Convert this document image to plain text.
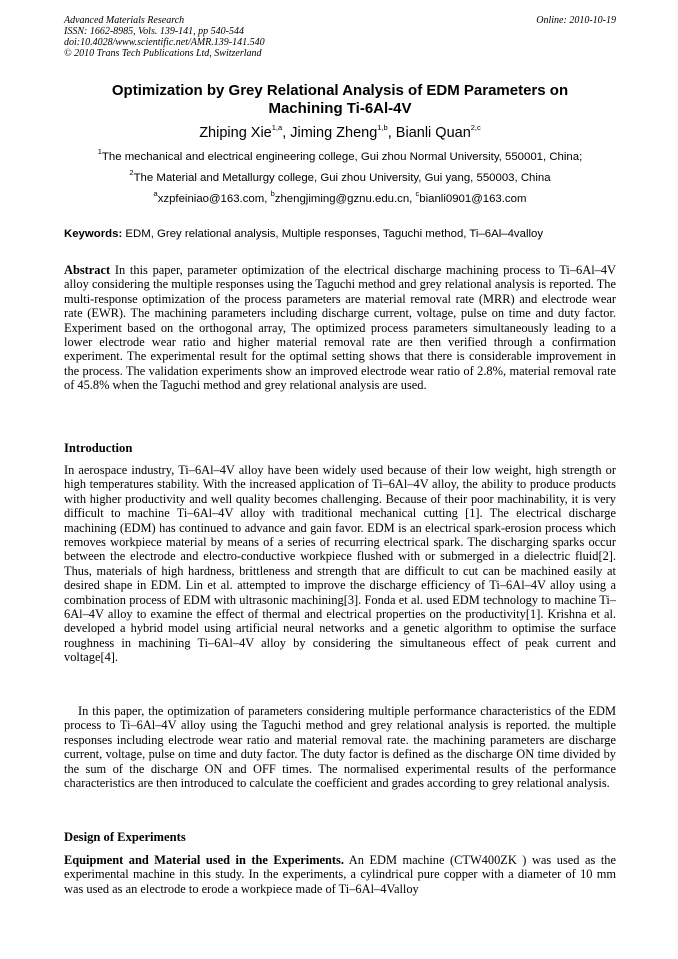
Advanced Materials Research
ISSN: 1662-8985, Vols. 139-141, pp 540-544
doi:10.4028/www.scientific.net/AMR.139-141.540
© 2010 Trans Tech Publications Ltd, Switzerland
Online: 2010-10-19
Optimization by Grey Relational Analysis of EDM Parameters on
Machining Ti-6Al-4V
Zhiping Xie$^{1,a}$, Jiming Zheng$^{1,b}$, Bianli Quan$^{2,c}$
$^1$The mechanical and electrical engineering college, Gui zhou Normal University, 550001, China;
$^2$The Material and Metallurgy college, Gui zhou University, Gui yang, 550003, China
$^a$xzpfeiniao@163.com, $^b$zhengjiming@gznu.edu.cn, $^c$bianli0901@163.com
Keywords: EDM, Grey relational analysis, Multiple responses, Taguchi method, Ti–6Al–4valloy
Abstract In this paper, parameter optimization of the electrical discharge machining process to Ti–6Al–4V alloy considering the multiple responses using the Taguchi method and grey relational analysis is reported. The multi-response optimization of the process parameters are material removal rate (MRR) and electrode wear rate (EWR). The machining parameters including discharge current, voltage, pulse on time and duty factor. Experiment based on the orthogonal array, The optimized process parameters simultaneously leading to a lower electrode wear ratio and higher material removal rate are then verified through a confirmation experiment. The experimental result for the optimal setting shows that there is considerable improvement in the process. The validation experiments show an improved electrode wear ratio of 2.8%, material removal rate of 45.8% when the Taguchi method and grey relational analysis are used.
Introduction
In aerospace industry, Ti–6Al–4V alloy have been widely used because of their low weight, high strength or high temperatures stability. With the increased application of Ti–6Al–4V alloy, the ability to produce products with higher productivity and well quality becomes challenging. Because of their poor machinability, it is very difficult to machine Ti–6Al–4V alloy with traditional mechanical cutting [1]. The electrical discharge machining (EDM) has continued to advance and gain favor. EDM is an electrical spark-erosion process which removes workpiece material by means of a series of recurring electrical spark. The discharging sparks occur between the electrode and electro-conductive workpiece flushed with or submerged in a dielectric fluid[2]. Thus, materials of high hardness, brittleness and strength that are difficult to cut can be machined easily at desired shape in EDM. Lin et al. attempted to improve the discharge efficiency of Ti–6Al–4V alloy using a combination process of EDM with ultrasonic machining[3]. Fonda et al. used EDM technology to machine Ti–6Al–4V alloy to examine the effect of thermal and electrical properties on the productivity[1]. Krishna et al. developed a hybrid model using artificial neural networks and a genetic algorithm to optimise the surface roughness in machining Ti–6Al–4V alloy by considering the simultaneous effect of peak current and voltage[4].
In this paper, the optimization of parameters considering multiple performance characteristics of the EDM process to Ti–6Al–4V alloy using the Taguchi method and grey relational analysis is reported. the multiple responses including electrode wear ratio and material removal rate. the machining parameters are discharge current, voltage, pulse on time and duty factor. The duty factor is defined as the discharge ON time divided by the sum of the discharge ON and OFF times. The normalised experimental results of the performance characteristics are then introduced to calculate the coefficient and grades according to grey relational analysis.
Design of Experiments
Equipment and Material used in the Experiments. An EDM machine (CTW400ZK ) was used as the experimental machine in this study. In the experiments, a cylindrical pure copper with a diameter of 10 mm was used as an electrode to erode a workpiece made of Ti–6Al–4Valloy
